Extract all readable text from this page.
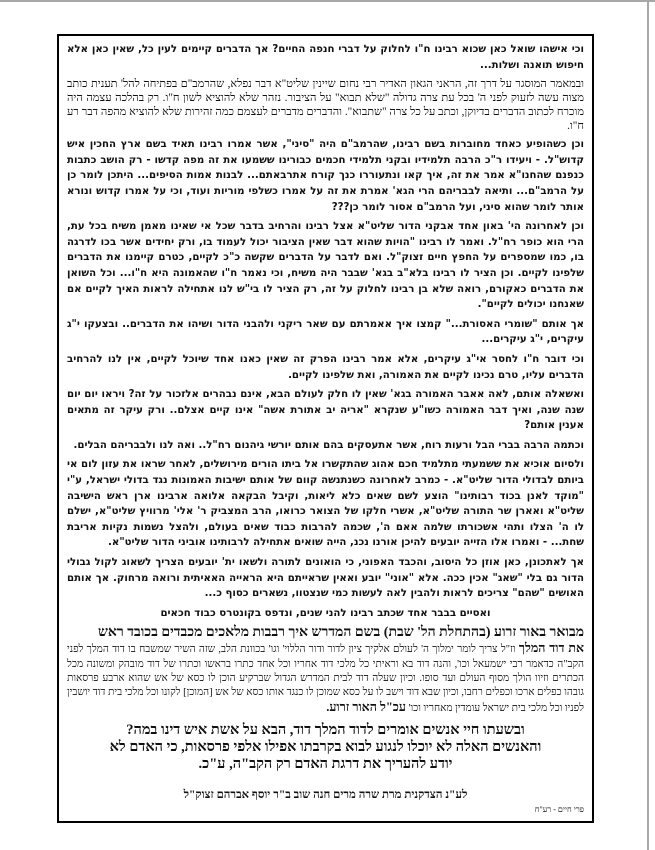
וכי אישהו שואל כאן שכוא רבינו ח"ו לחלוק על דברי חנפה החיים? אך הדברים קיימים לעין כל, שאין כאן אלא חיפוש תואנה ושלות...

ובמאמר המוסגר על דרך זה, הראני הגאון האדיר רבי נחום שיינין שליט"א דבר נפלא, שהרמב"ם בפתיחה להל' תענית כותב מצוה עשה לזעוק לפני ה' בכל עת צרה גדולה "שלא תבוא" על הציבור. נזהר שלא להוציא לשון ח"ו. רק בהלכה עצמה היה מוכרח לכתוב הדברים בדיוקן, וכתב על כל צרה "שתבוא". והדברים מדברים לעצמם כמה זהירות שלא להוציא מהפה דבר רע ח"ו.

וכן כשהופיע כאחד מחוברות בשם רבינו, שהרמב"ם היה "סיני", אשר אמרו רבינו תאיד בשם ארץ החכין איש קדוש"ל. - ויעידו ר"כ הרבה תלמידיו ובקני תלמידי חכמים כבורינו ששמעו את זה מפה קדשו - רק הושב כתבות כנפנם שהחנו"א אמר את זה, איך קאו ונתעוררו כנך קורח אתרבאתם... לבנות אמות הסיפים... היתכן לומר כן על הרמב"ם... ותיאה לבבריהם הרי הגא' אמרת את זה על אמרו כשלפי מוריות ועוד, וכי על אמרו קדוש ונורא אותר לומר שהוא סיני, ועל הרמב"ם אסור לומר כן???

וכן לאחרונה הי' באון אחד אבקני הדור שליט"א אצל רבינו והרחיב בדבר שכל אי שאינו מאמן משיח בכל עת, הרי הוא כופר רח"ל. ואמר לו רבינו "הויות שהוא דבר שאין הציבור יכול לעמוד בו, ורק יחידים אשר בכו לדרגה בו, כמו שמספרים על החפץ חיים זצוק"ל. ואם לדבר על הדברים שקשה כ"כ לקיים, כטרם קיימנו את הדברים שלפינו לקיים. וכן הציר לו רבינו בלא"ב בגא' שבבר היה משיח, וכי נאמר ח"ו שהאמונה היא ח"ו... וכל השואן את הדברים כאקורם, רואה שלא בן רבינו לחלוק על זה, רק הציר לו בי"ש לנו אתחילה לראות האיך לקיים אם שאנחנו יכולים לקיים".

אך אותם "שומרי האסורת..." קמצו איך אאמרתם עם שאר ריקני ולהבני הדור ושיהו את הדברים.. ובצעקו י"ג עיקרים, י"ג עיקרים...

וכי דובר ח"ו לחסר אי"ג עיקרים, אלא אמר רבינו הפרק זה שאין כאנו אחד שיוכל לקיים, אין לנו להרחיב הדברים עליו, טרם נכינו לקיים את האמורה, ואת שלפינו לקיים.

ואשאלה אותם, לאה אאבר האמורה בגא' שאין לו חלק לעולם הבא, אינם נבהרים אלזכור על זה? ויראו יום יום שנה שנה, ואיך דבר האמורה כשו"ע שנקרא "אריה יב אתורת אשה" אינו קיים אצלם.. ורק עיקר זה מתאים אענין אותם?

וכתמה הרבה בברי הבל ורעות רוח, אשר אתעסקים בהם אותם יורשי גיהנום רח"ל.. ואה לנו ולבבריהם הבלים.

ולסיום אוכיא את ששמעתי מתלמיד חכם אהוג שהתקשרו אל ביתו הורים מירושלים, לאחר שראו את עזון לום אי ביותם לבדולי הדור שליט"א. - כמרב לאחרונה כשנתנשה קוום של אותם ישיבות האמונות נגד בדולי ישראל, ע"י "מוקד לאנן בכוד רבותינו" הוצע לשם שאים כלא ליאות, וקיבל הבקאה אלואה ארבינו ארן ראש הישיבה שליט"א ואארן שר התורה שליט"א, אשרי חלקו של הצואר כרואו, הרב המצביק ר' אלי' מרוויץ שליט"א, ישלם לו ה' הצלו ותהי אשכורתו שלמה אאם ה', שכמה להרבות כבוד שאים בעולם, ולהצל נשמות נקיות אריבת שחת... - ואמרו אלו הזייה יובעים להיכן אורנו נכנ, הייה שואים אתחילה לרבותינו אוביני הדור שליט"א.

אך לאתכונן, כאן אוזן כל היסוב, והכבד האפוני, כי הואונים לתורה ולשאו ית' יובעים הצריך לשאוג לקול גבולי הדור גם בלי "שאג" אכין ככה. אלא "אוני" יובע ואאין שראייתם היא הראייה האאיתית ורואה מרחוק. אך אותם האושים "שהם" צריכים לראות ולהבין לאה לעשות כמי שנצטוו, נשארים כסוף כ...

ואסיים בבבר אחד שכתב רבינו להני שנים, ונדפס בקונטרס כבוד חכאים

מבואר באור זרוע (בהתחלת הל' שבת) בשם המדרש איך רבבות מלאכים מכבדים בכובד ראש

את דוד המלך וז"ל צריך לומר ימלוך ה' לעולם אלקיך ציון לדור ודור הללוי' וגו' בכוונת הלב, שזה השיר שמשבח בו דוד המלך לפני הקב"ה כדאמר רבי ישמעאל וכו', והנה דוד בא וראיתי כל מלכי דוד אחריו וכל אחד כתרו בראשו וכתרו של דוד מובהק ומשונה מכל הכתרים וזיוו הולך מסוף העולם ועד סופו. וכיון שעלה דוד לבית המדרש הגדול שברקיע הוכן לו כסא של אש שהוא ארבע פרסאות גובהו כפלים ארכו וכפלים רחבו, וכיון שבא דוד וישב לו על כסא שמוכן לו כנגד אותו כסא של אש [המוכן] לקונו וכל מלכי בית דוד יושבין לפניו וכל מלכי בית ישראל עומדין מאחריו וכו' עכ"ל האור זרוע.

ובשעתו חיי אנשים אומרים לדוד המלך דוד, הבא על אשת איש דינו במה?
והאנשים האלה לא יוכלו לנגוע לבוא בקרבתו אפילו אלפי פרסאות, כי האדם לא
יודע להעריך את דרגת האדם רק הקב"ה, ע"כ.

לע"נ הצדקנית מרת שרה מרים חנה שוב ב"ר יוסף אברהם זצוק"ל

פרי חיים - רע"ח
